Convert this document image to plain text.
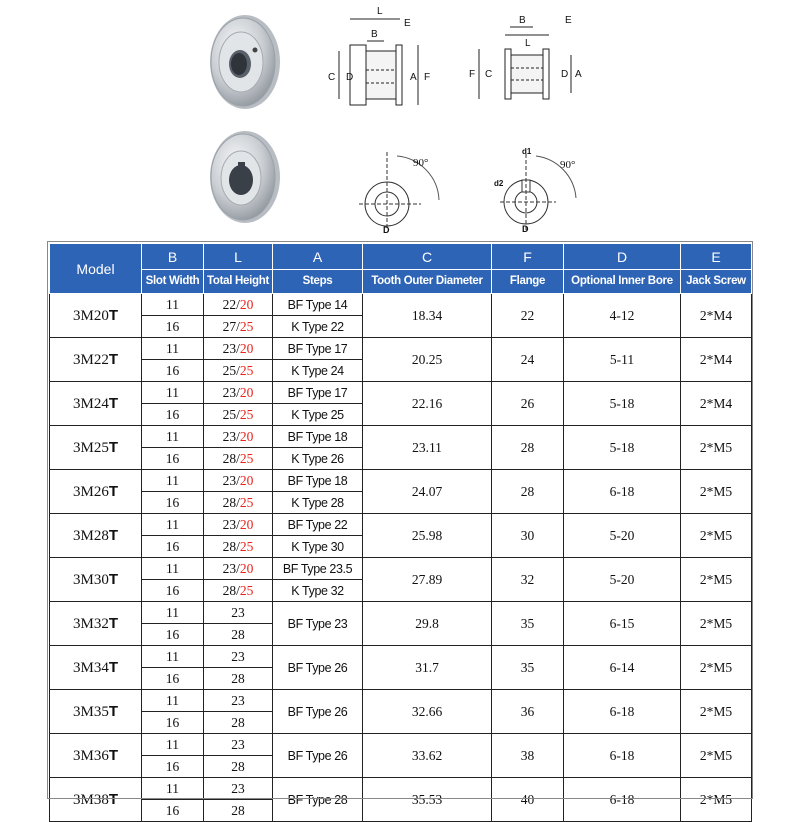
L
B
E
C D	A F
B	E
L
F C	D A
90°
D
d1
d2
90°
D
Model	B	L	A	C	F	D	E
	Slot Width	Total Height	Steps	Tooth Outer Diameter	Flange	Optional Inner Bore	Jack Screw
3M20T	11	22/20	BF Type 14	18.34	22	4-12	2*M4
	16	27/25	K Type 22				
3M22T	11	23/20	BF Type 17	20.25	24	5-11	2*M4
	16	25/25	K Type 24				
3M24T	11	23/20	BF Type 17	22.16	26	5-18	2*M4
	16	25/25	K Type 25				
3M25T	11	23/20	BF Type 18	23.11	28	5-18	2*M5
	16	28/25	K Type 26				
3M26T	11	23/20	BF Type 18	24.07	28	6-18	2*M5
	16	28/25	K Type 28				
3M28T	11	23/20	BF Type 22	25.98	30	5-20	2*M5
	16	28/25	K Type 30				
3M30T	11	23/20	BF Type 23.5	27.89	32	5-20	2*M5
	16	28/25	K Type 32				
3M32T	11	23	BF Type 23	29.8	35	6-15	2*M5
	16	28					
3M34T	11	23	BF Type 26	31.7	35	6-14	2*M5
	16	28					
3M35T	11	23	BF Type 26	32.66	36	6-18	2*M5
	16	28					
3M36T	11	23	BF Type 26	33.62	38	6-18	2*M5
	16	28					
3M38T	11	23	BF Type 28	35.53	40	6-18	2*M5
	16	28					
